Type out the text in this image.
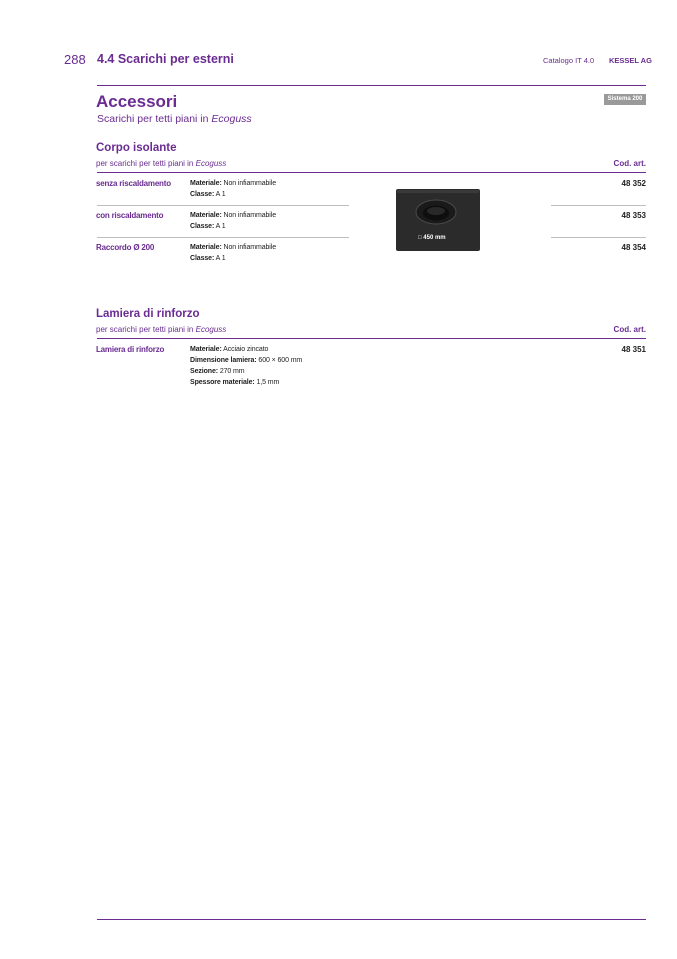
288 4.4 Scarichi per esterni	Catalogo IT 4.0 KESSEL AG
Accessori
Scarichi per tetti piani in Ecoguss
Sistema 200
Corpo isolante
per scarichi per tetti piani in Ecoguss	Cod. art.
senza riscaldamento	Materiale: Non infiammabile
Classe: A 1
48 352
con riscaldamento	Materiale: Non infiammabile
Classe: A 1
48 353
Raccordo Ø 200	Materiale: Non infiammabile
Classe: A 1
48 354
□ 450 mm
Lamiera di rinforzo
per scarichi per tetti piani in Ecoguss	Cod. art.
Lamiera di rinforzo	Materiale: Acciaio zincato
Dimensione lamiera: 600 × 600 mm
Sezione: 270 mm
Spessore materiale: 1,5 mm
48 351
